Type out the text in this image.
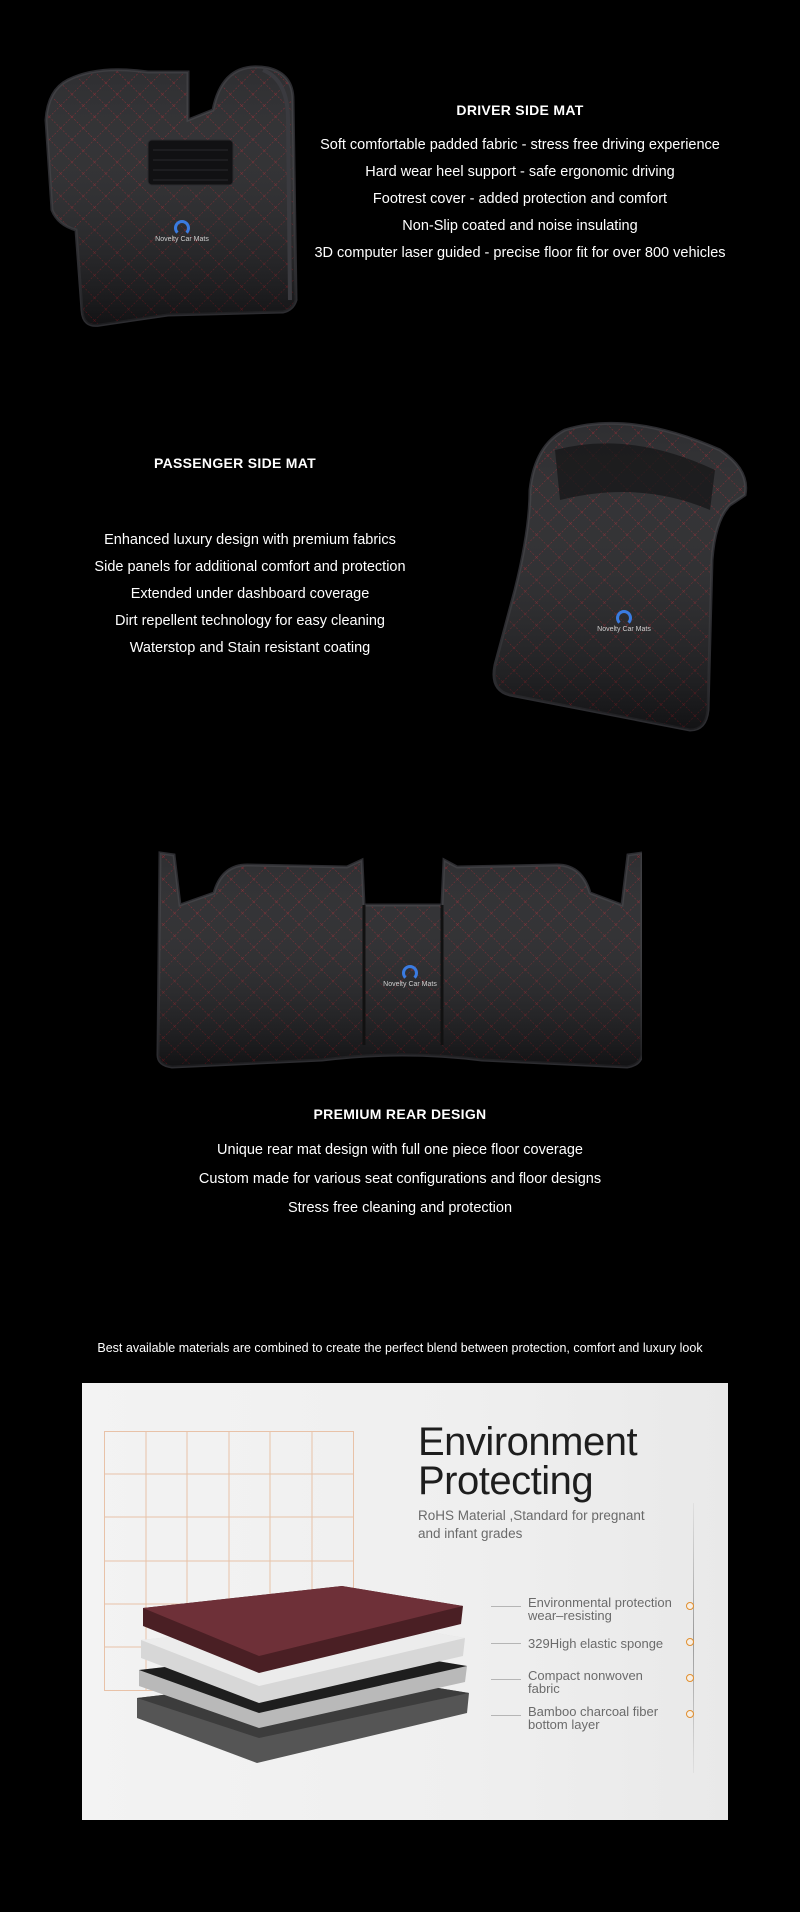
Novelty Car Mats
DRIVER SIDE MAT
Soft comfortable padded fabric - stress free driving experience
Hard wear heel support - safe ergonomic driving
Footrest cover - added protection and comfort
Non-Slip coated and noise insulating
3D computer laser guided - precise floor fit for over 800 vehicles
PASSENGER SIDE MAT
Enhanced luxury design with premium fabrics
Side panels for additional comfort and protection
Extended under dashboard coverage
Dirt repellent technology for easy cleaning
Waterstop and Stain resistant coating
Novelty Car Mats
Novelty Car Mats
PREMIUM REAR DESIGN
Unique rear mat design with full one piece floor coverage
Custom made for various seat configurations and floor designs
Stress free cleaning and protection
Best available materials are combined to create the perfect blend between protection, comfort and luxury look
Environment
Protecting
RoHS Material ,Standard for pregnant and infant grades
Environmental protection wear–resisting
329High elastic sponge
Compact nonwoven fabric
Bamboo charcoal fiber bottom layer
